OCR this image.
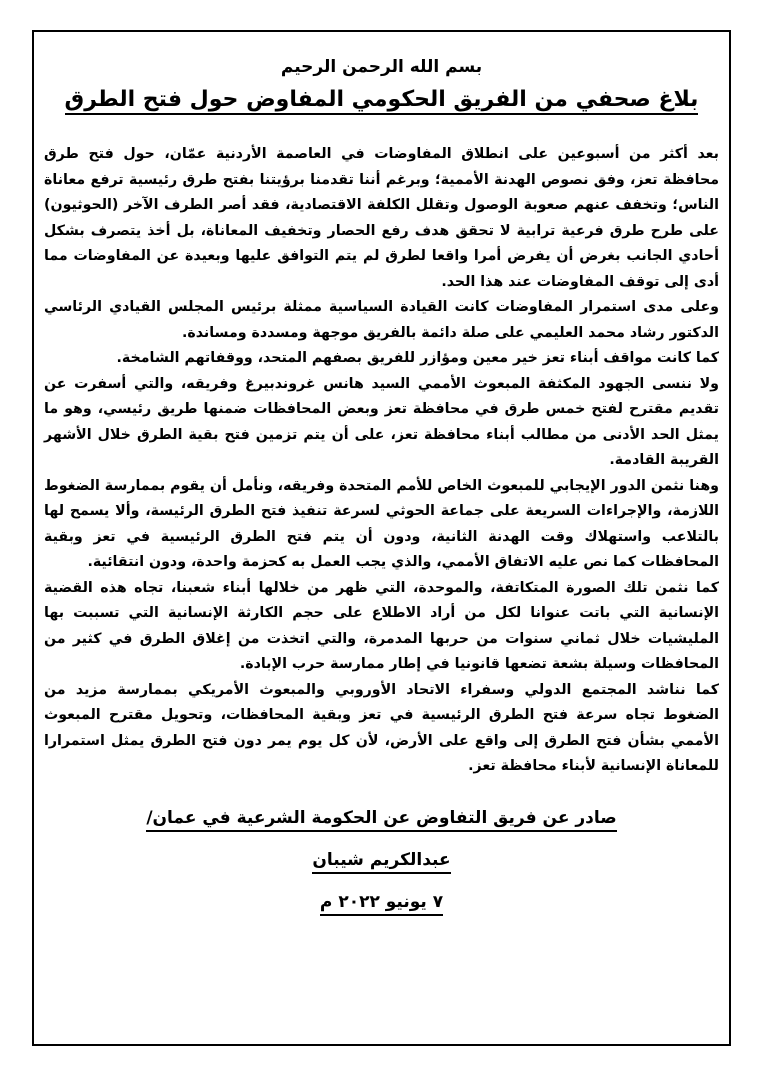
بسم الله الرحمن الرحيم
بلاغ صحفي من الفريق الحكومي المفاوض حول فتح الطرق

بعد أكثر من أسبوعين على انطلاق المفاوضات في العاصمة الأردنية عمّان، حول فتح طرق محافظة تعز، وفق نصوص الهدنة الأممية؛ وبرغم أننا تقدمنا برؤيتنا بفتح طرق رئيسية ترفع معاناة الناس؛ وتخفف عنهم صعوبة الوصول وتقلل الكلفة الاقتصادية، فقد أصر الطرف الآخر (الحوثيون) على طرح طرق فرعية ترابية لا تحقق هدف رفع الحصار وتخفيف المعاناة، بل أخذ يتصرف بشكل أحادي الجانب بغرض أن يفرض أمرا واقعا لطرق لم يتم التوافق عليها وبعيدة عن المفاوضات مما أدى إلى توقف المفاوضات عند هذا الحد.

وعلى مدى استمرار المفاوضات كانت القيادة السياسية ممثلة برئيس المجلس القيادي الرئاسي الدكتور رشاد محمد العليمي على صلة دائمة بالفريق موجهة ومسددة ومساندة.

كما كانت مواقف أبناء تعز خير معين ومؤازر للفريق بصفهم المتحد، ووقفاتهم الشامخة.

ولا ننسى الجهود المكثفة المبعوث الأممي السيد هانس غروندبيرغ وفريقه، والتي أسفرت عن تقديم مقترح لفتح خمس طرق في محافظة تعز وبعض المحافظات ضمنها طريق رئيسي، وهو ما يمثل الحد الأدنى من مطالب أبناء محافظة تعز، على أن يتم تزمين فتح بقية الطرق خلال الأشهر القريبة القادمة.

وهنا نثمن الدور الإيجابي للمبعوث الخاص للأمم المتحدة وفريقه، ونأمل أن يقوم بممارسة الضغوط اللازمة، والإجراءات السريعة على جماعة الحوثي لسرعة تنفيذ فتح الطرق الرئيسة، وألا يسمح لها بالتلاعب واستهلاك وقت الهدنة الثانية، ودون أن يتم فتح الطرق الرئيسية في تعز وبقية المحافظات كما نص عليه الاتفاق الأممي، والذي يجب العمل به كحزمة واحدة، ودون انتقائية.

كما نثمن تلك الصورة المتكاتفة، والموحدة، التي ظهر من خلالها أبناء شعبنا، تجاه هذه القضية الإنسانية التي باتت عنوانا لكل من أراد الاطلاع على حجم الكارثة الإنسانية التي تسببت بها المليشيات خلال ثماني سنوات من حربها المدمرة، والتي اتخذت من إغلاق الطرق في كثير من المحافظات وسيلة بشعة تضعها قانونيا في إطار ممارسة حرب الإبادة.

كما نناشد المجتمع الدولي وسفراء الاتحاد الأوروبي والمبعوث الأمريكي بممارسة مزيد من الضغوط تجاه سرعة فتح الطرق الرئيسية في تعز وبقية المحافظات، وتحويل مقترح المبعوث الأممي بشأن فتح الطرق إلى واقع على الأرض، لأن كل يوم يمر دون فتح الطرق يمثل استمرارا للمعاناة الإنسانية لأبناء محافظة تعز.

صادر عن فريق التفاوض عن الحكومة الشرعية في عمان/
عبدالكريم شيبان
٧ يونيو ٢٠٢٢ م
